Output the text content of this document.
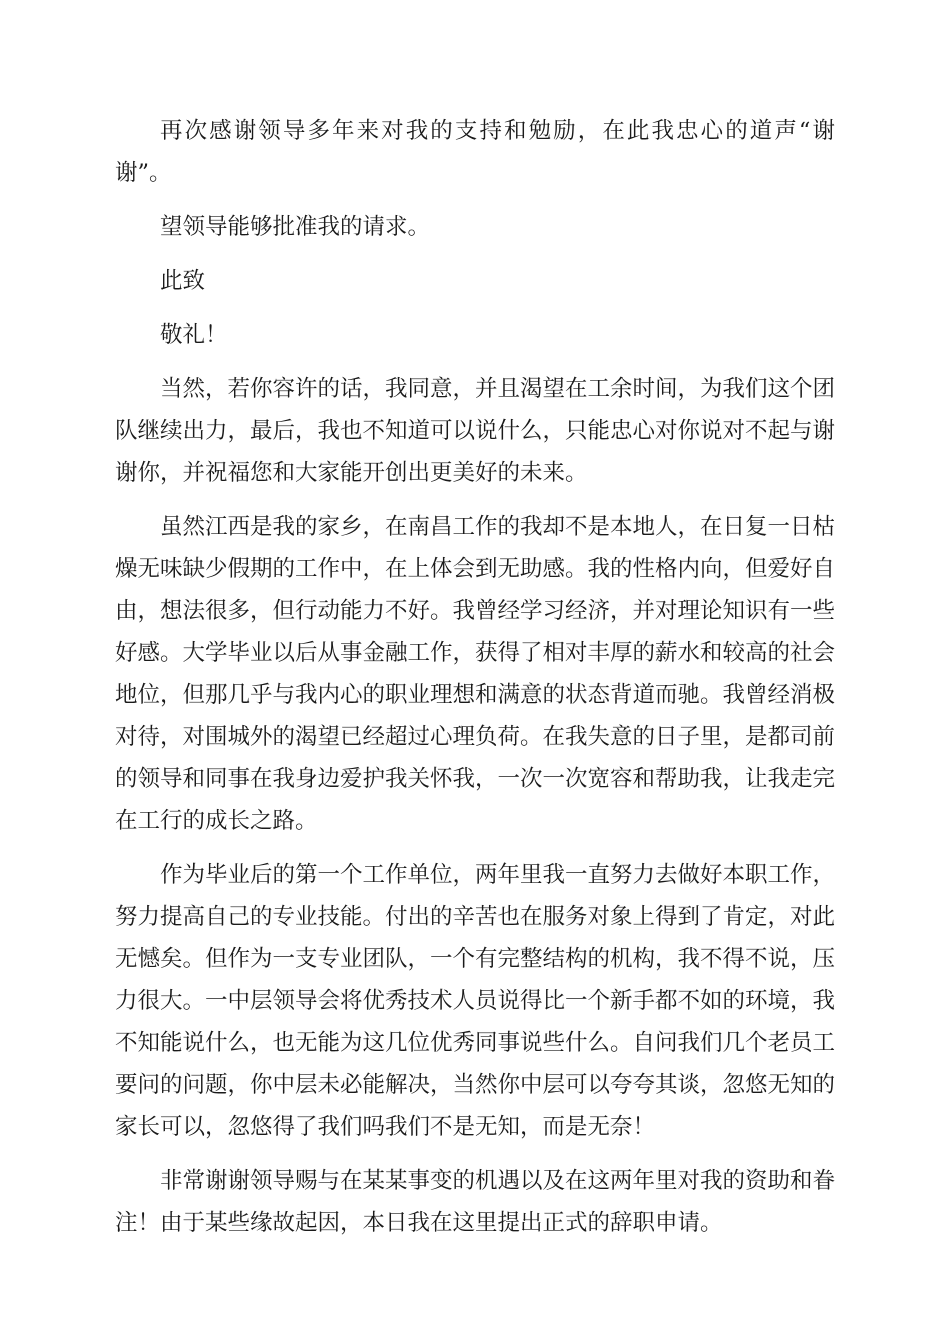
再次感谢领导多年来对我的支持和勉励，在此我忠心的道声“谢谢”。

望领导能够批准我的请求。

此致

敬礼！

当然，若你容许的话，我同意，并且渴望在工余时间，为我们这个团队继续出力，最后，我也不知道可以说什么，只能忠心对你说对不起与谢谢你，并祝福您和大家能开创出更美好的未来。

虽然江西是我的家乡，在南昌工作的我却不是本地人，在日复一日枯燥无味缺少假期的工作中，在上体会到无助感。我的性格内向，但爱好自由，想法很多，但行动能力不好。我曾经学习经济，并对理论知识有一些好感。大学毕业以后从事金融工作，获得了相对丰厚的薪水和较高的社会地位，但那几乎与我内心的职业理想和满意的状态背道而驰。我曾经消极对待，对围城外的渴望已经超过心理负荷。在我失意的日子里，是都司前的领导和同事在我身边爱护我关怀我，一次一次宽容和帮助我，让我走完在工行的成长之路。

作为毕业后的第一个工作单位，两年里我一直努力去做好本职工作，努力提高自己的专业技能。付出的辛苦也在服务对象上得到了肯定，对此无憾矣。但作为一支专业团队，一个有完整结构的机构，我不得不说，压力很大。一中层领导会将优秀技术人员说得比一个新手都不如的环境，我不知能说什么，也无能为这几位优秀同事说些什么。自问我们几个老员工要问的问题，你中层未必能解决，当然你中层可以夸夸其谈，忽悠无知的家长可以，忽悠得了我们吗我们不是无知，而是无奈！

非常谢谢领导赐与在某某事变的机遇以及在这两年里对我的资助和眷注！由于某些缘故起因，本日我在这里提出正式的辞职申请。
